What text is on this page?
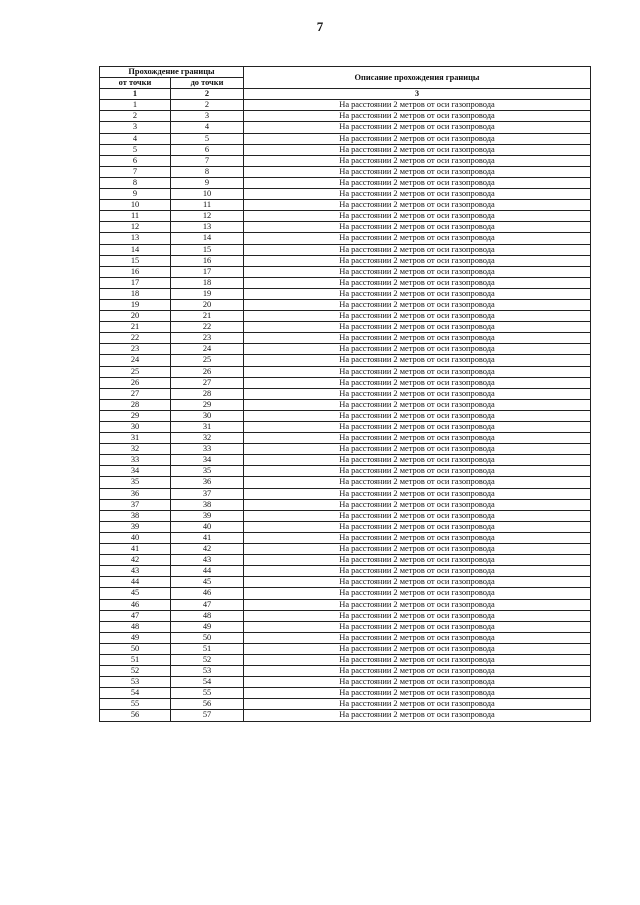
7
Прохождение границы		Описание прохождения границы
от точки	до точки	
1	2	3
1	2	На расстоянии 2 метров от оси газопровода
2	3	На расстоянии 2 метров от оси газопровода
3	4	На расстоянии 2 метров от оси газопровода
4	5	На расстоянии 2 метров от оси газопровода
5	6	На расстоянии 2 метров от оси газопровода
6	7	На расстоянии 2 метров от оси газопровода
7	8	На расстоянии 2 метров от оси газопровода
8	9	На расстоянии 2 метров от оси газопровода
9	10	На расстоянии 2 метров от оси газопровода
10	11	На расстоянии 2 метров от оси газопровода
11	12	На расстоянии 2 метров от оси газопровода
12	13	На расстоянии 2 метров от оси газопровода
13	14	На расстоянии 2 метров от оси газопровода
14	15	На расстоянии 2 метров от оси газопровода
15	16	На расстоянии 2 метров от оси газопровода
16	17	На расстоянии 2 метров от оси газопровода
17	18	На расстоянии 2 метров от оси газопровода
18	19	На расстоянии 2 метров от оси газопровода
19	20	На расстоянии 2 метров от оси газопровода
20	21	На расстоянии 2 метров от оси газопровода
21	22	На расстоянии 2 метров от оси газопровода
22	23	На расстоянии 2 метров от оси газопровода
23	24	На расстоянии 2 метров от оси газопровода
24	25	На расстоянии 2 метров от оси газопровода
25	26	На расстоянии 2 метров от оси газопровода
26	27	На расстоянии 2 метров от оси газопровода
27	28	На расстоянии 2 метров от оси газопровода
28	29	На расстоянии 2 метров от оси газопровода
29	30	На расстоянии 2 метров от оси газопровода
30	31	На расстоянии 2 метров от оси газопровода
31	32	На расстоянии 2 метров от оси газопровода
32	33	На расстоянии 2 метров от оси газопровода
33	34	На расстоянии 2 метров от оси газопровода
34	35	На расстоянии 2 метров от оси газопровода
35	36	На расстоянии 2 метров от оси газопровода
36	37	На расстоянии 2 метров от оси газопровода
37	38	На расстоянии 2 метров от оси газопровода
38	39	На расстоянии 2 метров от оси газопровода
39	40	На расстоянии 2 метров от оси газопровода
40	41	На расстоянии 2 метров от оси газопровода
41	42	На расстоянии 2 метров от оси газопровода
42	43	На расстоянии 2 метров от оси газопровода
43	44	На расстоянии 2 метров от оси газопровода
44	45	На расстоянии 2 метров от оси газопровода
45	46	На расстоянии 2 метров от оси газопровода
46	47	На расстоянии 2 метров от оси газопровода
47	48	На расстоянии 2 метров от оси газопровода
48	49	На расстоянии 2 метров от оси газопровода
49	50	На расстоянии 2 метров от оси газопровода
50	51	На расстоянии 2 метров от оси газопровода
51	52	На расстоянии 2 метров от оси газопровода
52	53	На расстоянии 2 метров от оси газопровода
53	54	На расстоянии 2 метров от оси газопровода
54	55	На расстоянии 2 метров от оси газопровода
55	56	На расстоянии 2 метров от оси газопровода
56	57	На расстоянии 2 метров от оси газопровода
